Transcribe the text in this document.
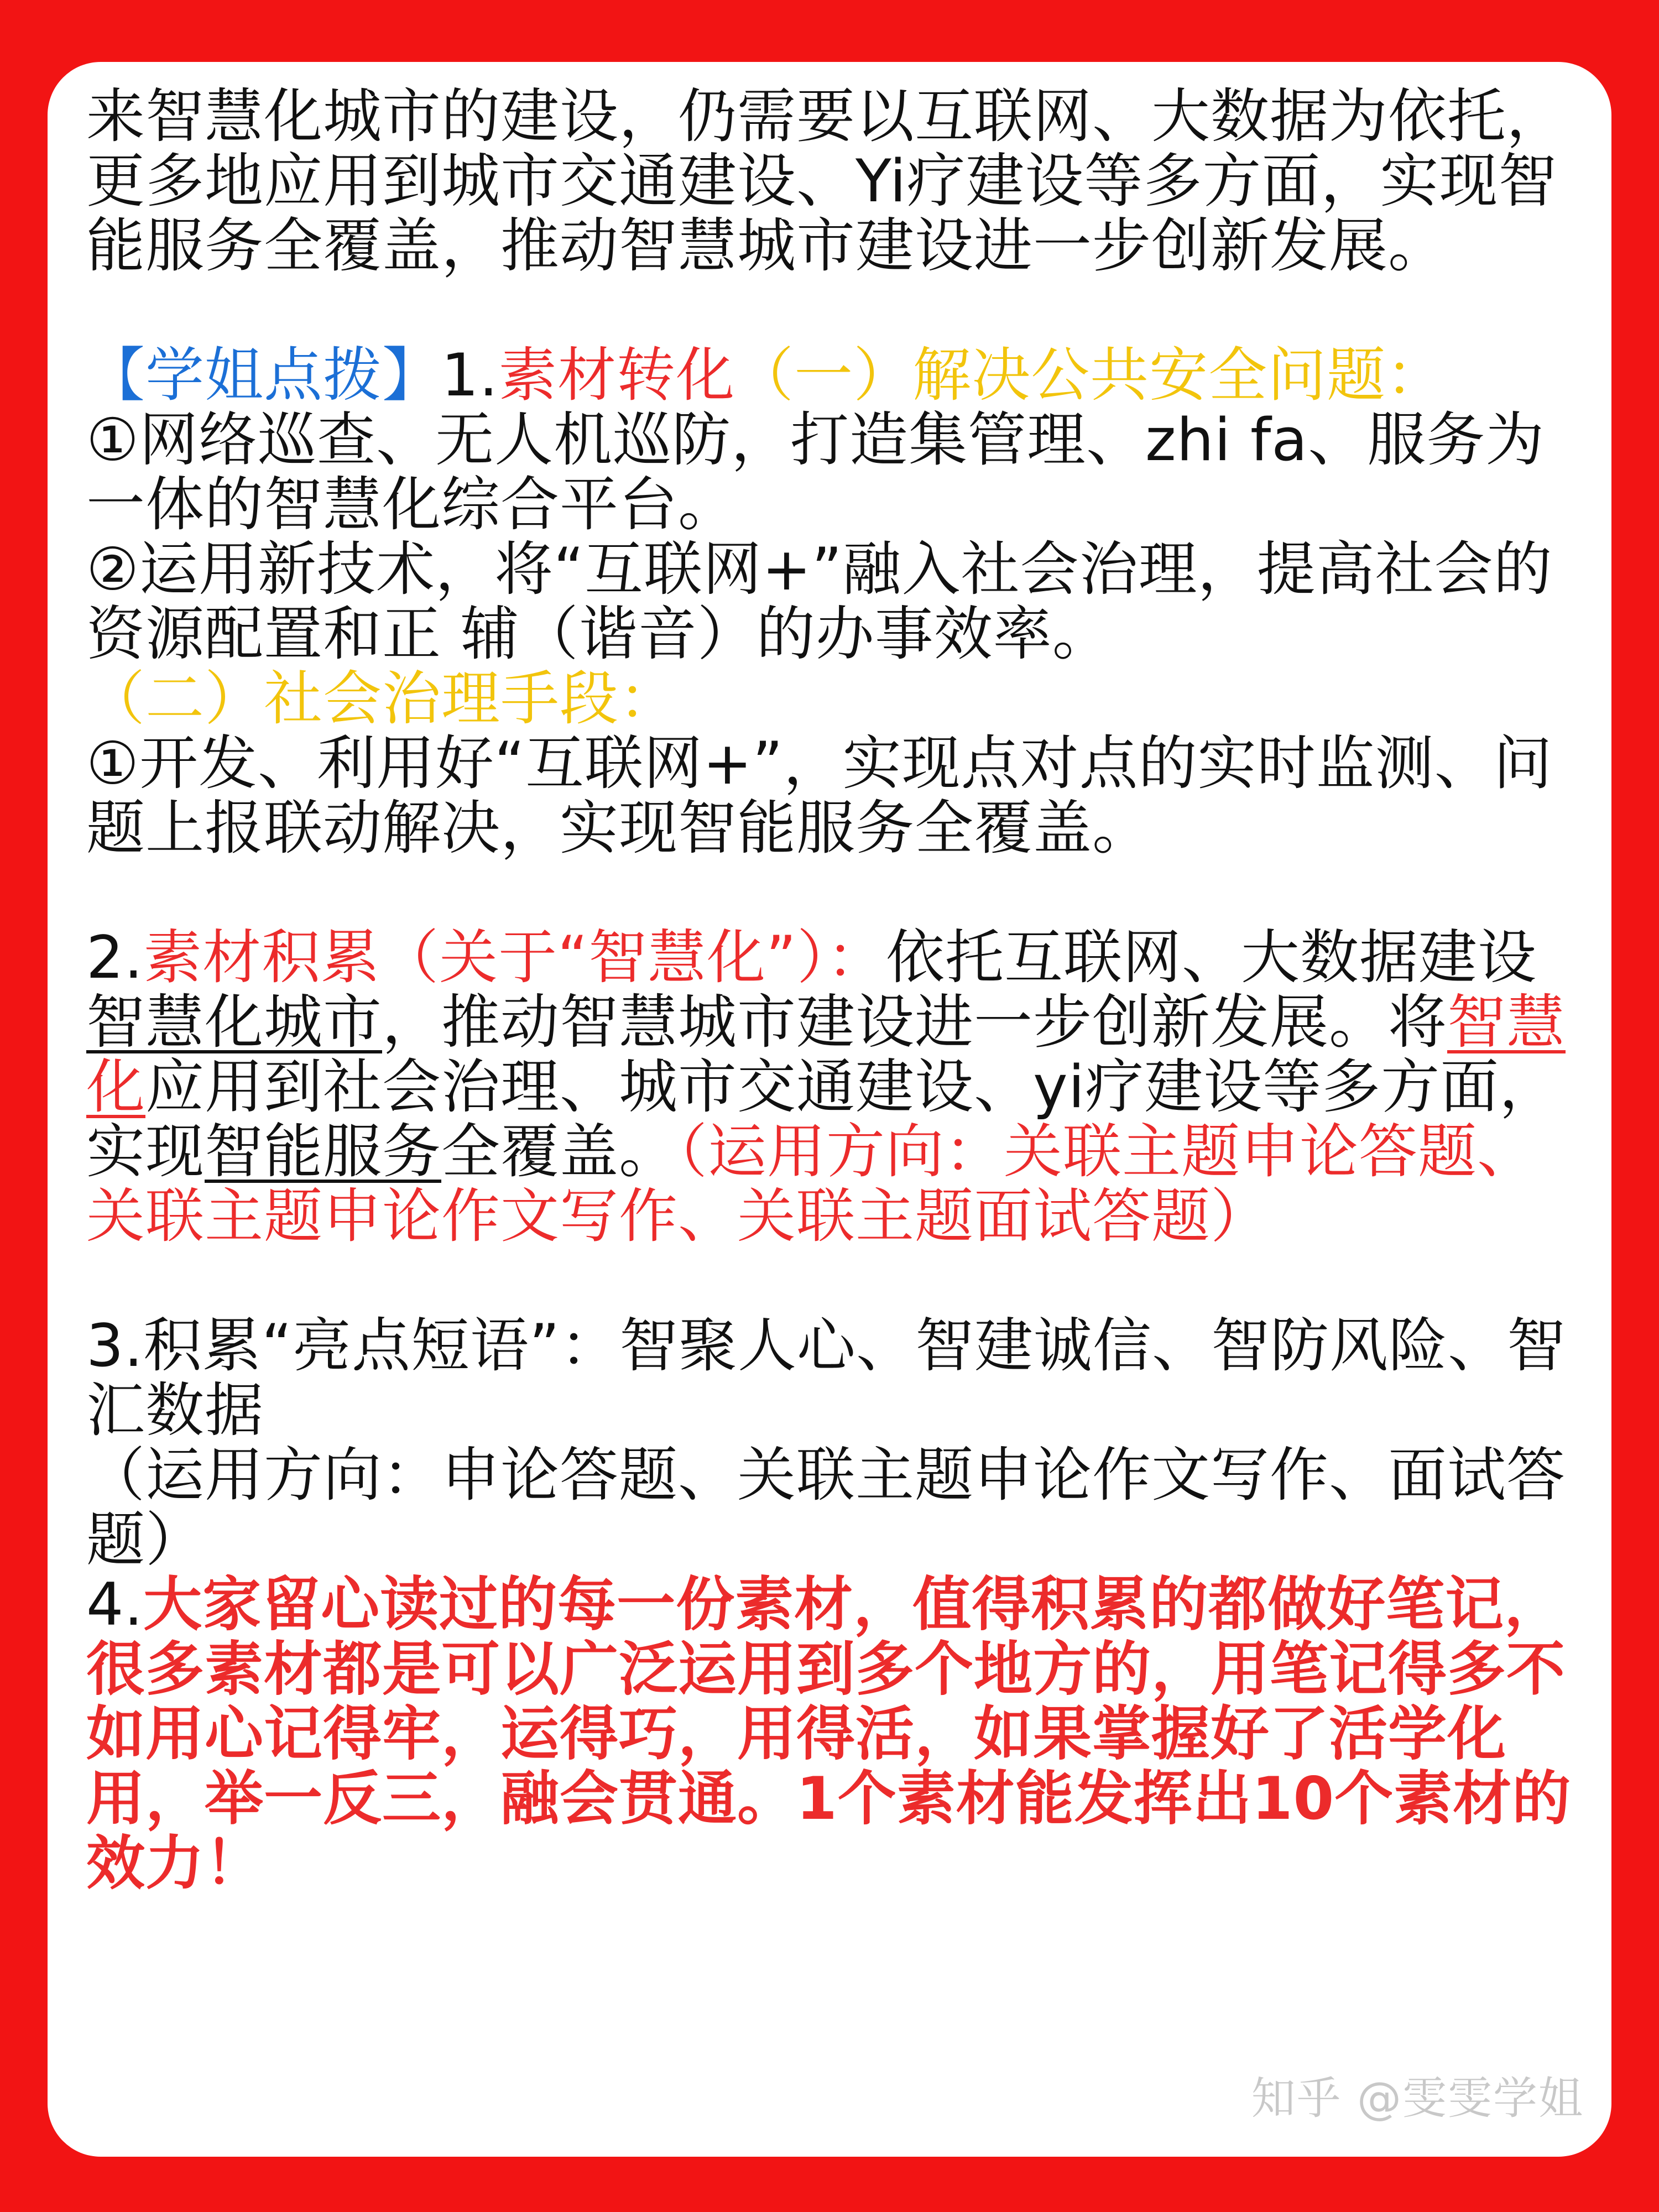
来智慧化城市的建设，仍需要以互联网、大数据为依托，更多地应用到城市交通建设、Yi疗建设等多方面，实现智能服务全覆盖，推动智慧城市建设进一步创新发展。

【学姐点拨】1.素材转化（一）解决公共安全问题：

①网络巡查、无人机巡防，打造集管理、zhi fa、服务为一体的智慧化综合平台。

②运用新技术，将“互联网+”融入社会治理，提高社会的资源配置和正 辅（谐音）的办事效率。

（二）社会治理手段：

①开发、利用好“互联网+”，实现点对点的实时监测、问题上报联动解决，实现智能服务全覆盖。

2.素材积累（关于“智慧化”）：依托互联网、大数据建设智慧化城市，推动智慧城市建设进一步创新发展。将智慧化应用到社会治理、城市交通建设、yi疗建设等多方面，实现智能服务全覆盖。（运用方向：关联主题申论答题、关联主题申论作文写作、关联主题面试答题）

3.积累“亮点短语”：智聚人心、智建诚信、智防风险、智汇数据

（运用方向：申论答题、关联主题申论作文写作、面试答题）

4.大家留心读过的每一份素材，值得积累的都做好笔记，很多素材都是可以广泛运用到多个地方的，用笔记得多不如用心记得牢，运得巧，用得活，如果掌握好了活学化用，举一反三，融会贯通。1个素材能发挥出10个素材的效力！

知乎 @雯雯学姐
